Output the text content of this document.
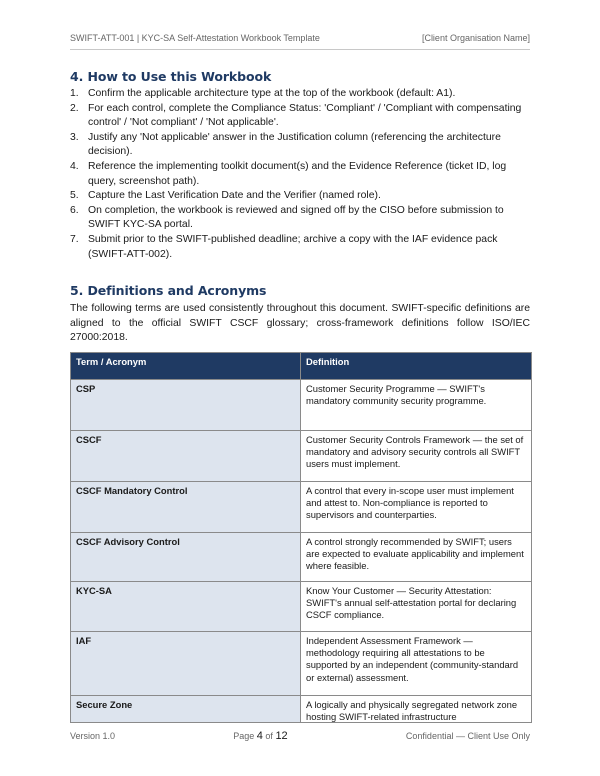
SWIFT-ATT-001 | KYC-SA Self-Attestation Workbook Template	[Client Organisation Name]
4. How to Use this Workbook
1. Confirm the applicable architecture type at the top of the workbook (default: A1).
2. For each control, complete the Compliance Status: 'Compliant' / 'Compliant with compensating control' / 'Not compliant' / 'Not applicable'.
3. Justify any 'Not applicable' answer in the Justification column (referencing the architecture decision).
4. Reference the implementing toolkit document(s) and the Evidence Reference (ticket ID, log query, screenshot path).
5. Capture the Last Verification Date and the Verifier (named role).
6. On completion, the workbook is reviewed and signed off by the CISO before submission to SWIFT KYC-SA portal.
7. Submit prior to the SWIFT-published deadline; archive a copy with the IAF evidence pack (SWIFT-ATT-002).
5. Definitions and Acronyms

The following terms are used consistently throughout this document. SWIFT-specific definitions are aligned to the official SWIFT CSCF glossary; cross-framework definitions follow ISO/IEC 27000:2018.

Term / Acronym	Definition
CSP	Customer Security Programme — SWIFT's mandatory community security programme.
CSCF	Customer Security Controls Framework — the set of mandatory and advisory security controls all SWIFT users must implement.
CSCF Mandatory Control	A control that every in-scope user must implement and attest to. Non-compliance is reported to supervisors and counterparties.
CSCF Advisory Control	A control strongly recommended by SWIFT; users are expected to evaluate applicability and implement where feasible.
KYC-SA	Know Your Customer — Security Attestation: SWIFT's annual self-attestation portal for declaring CSCF compliance.
IAF	Independent Assessment Framework — methodology requiring all attestations to be supported by an independent (community-standard or external) assessment.
Secure Zone	A logically and physically segregated network zone hosting SWIFT-related infrastructure
Version 1.0	Page 4 of 12	Confidential — Client Use Only
